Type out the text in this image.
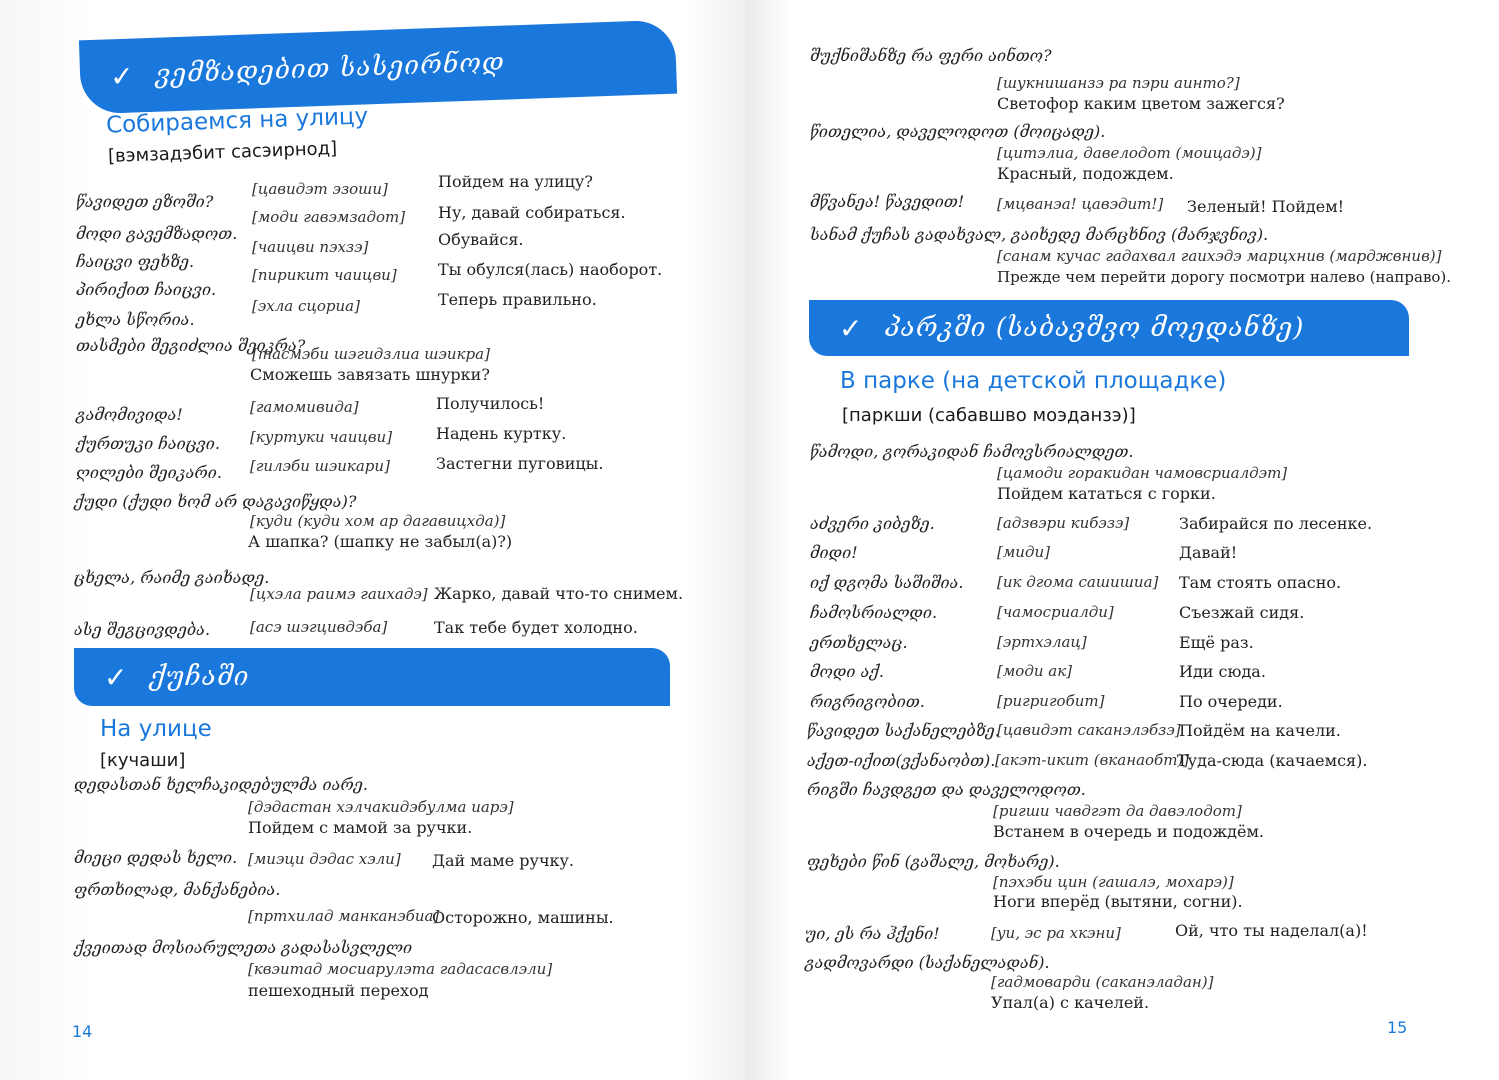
✓ ვემზადებით სასეირნოდ
Собираемся на улицу
[вэмзадэбит сасэирнод]
წავიდეთ ეზოში?
[цавидэт эзоши]	Пойдем на улицу?
მოდი გავემზადოთ.
[моди гавэмзадот] Ну, давай собираться.
ჩაიცვი ფეხზე.
[чаицви пэхзэ]	Обувайся.
პირიქით ჩაიცვი.
[пирикит чаицви]	Ты обулся(лась) наоборот.
ეხლა სწორია.
[эхла сцориа]	Теперь правильно.
თასმები შეგიძლია შეიკრა?
[тасмэби шэгидзлиа шэикра]
Сможешь завязать шнурки?
გამომივიდა!	[гамомивида]	Получилось!
ქურთუკი ჩაიცვი. [куртуки чаицви]	Надень куртку.
ღილები შეიკარი. [гилэби шэикари]	Застегни пуговицы.
ქუდი (ქუდი ხომ არ დაგავიწყდა)?
[куди (куди хом ар дагавицхда)]
А шапка? (шапку не забыл(а)?)
ცხელა, რაიმე გაიხადე.
[цхэла раимэ гаихадэ] Жарко, давай что-то снимем.
ასე შეგცივდება.	[асэ шэгцивдэба]	Так тебе будет холодно.
✓ ქუჩაში
На улице
[кучаши]
დედასთან ხელჩაკიდებულმა იარე.
[дэдастан хэлчакидэбулма иарэ]
Пойдем с мамой за ручки.
მიეცი დედას ხელი. [миэци дэдас хэли] Дай маме ручку.
ფრთხილად, მანქანებია.
[пртхилад манканэбиа]
Осторожно, машины.
ქვეითად მოსიარულეთა გადასასვლელი
[квэитад мосиарулэта гадасасвлэли]
пешеходный переход
14
შუქნიშანზე რა ფერი აინთო?
[шукнишанзэ ра пэри аинто?]
Светофор каким цветом зажегся?
წითელია, დაველოდოთ (მოიცადე).
[цитэлиа, давелодот (моицадэ)]
Красный, подождем.
მწვანეა! წავედით! [мцванэа! цавэдит!] Зеленый! Пойдем!
სანამ ქუჩას გადახვალ, გაიხედე მარცხნივ (მარჯვნივ).
[санам кучас гадахвал гаихэдэ марцхнив (марджвнив)]
Прежде чем перейти дорогу посмотри налево (направо).
✓ პარკში (საბავშვო მოედანზე)
В парке (на детской площадке)
[паркши (сабавшво моэданзэ)]
წამოდი, გორაკიდან ჩამოვსრიალდეთ.
[цамоди горакидан чамовсриалдэт]
Пойдем кататься с горки.
აძვერი კიბეზე.	[адзвэри кибэзэ]	Забирайся по лесенке.
მიდი!	[миди]	Давай!
იქ დგომა საშიშია. [ик дгома сашишиа] Там стоять опасно.
ჩამოსრიალდი.	[чамосриалди]	Съезжай сидя.
ერთხელაც.	[эртхэлац]	Ещё раз.
მოდი აქ.	[моди ак]	Иди сюда.
რიგრიგობით.	[ригригобит]	По очереди.
წავიდეთ საქანელებზე.
[цавидэт саканэлэбзэ]
Пойдём на качели.
აქეთ-იქით(ვქანაობთ). [акэт-икит (вканаобт)]
Туда-сюда (качаемся).
რიგში ჩავდგეთ და დაველოდოთ.
[ригши чавдгэт да давэлодот]
Встанем в очередь и подождём.
ფეხები წინ (გაშალე, მოხარე).
[пэхэби цин (гашалэ, мохарэ)]
Ноги вперёд (вытяни, согни).
უი, ეს რა ჰქენი!	[уи, эс ра хкэни]	Ой, что ты наделал(а)!
გადმოვარდი (საქანელადან).
[гадмоварди (саканэладан)]
Упал(а) с качелей.
15
